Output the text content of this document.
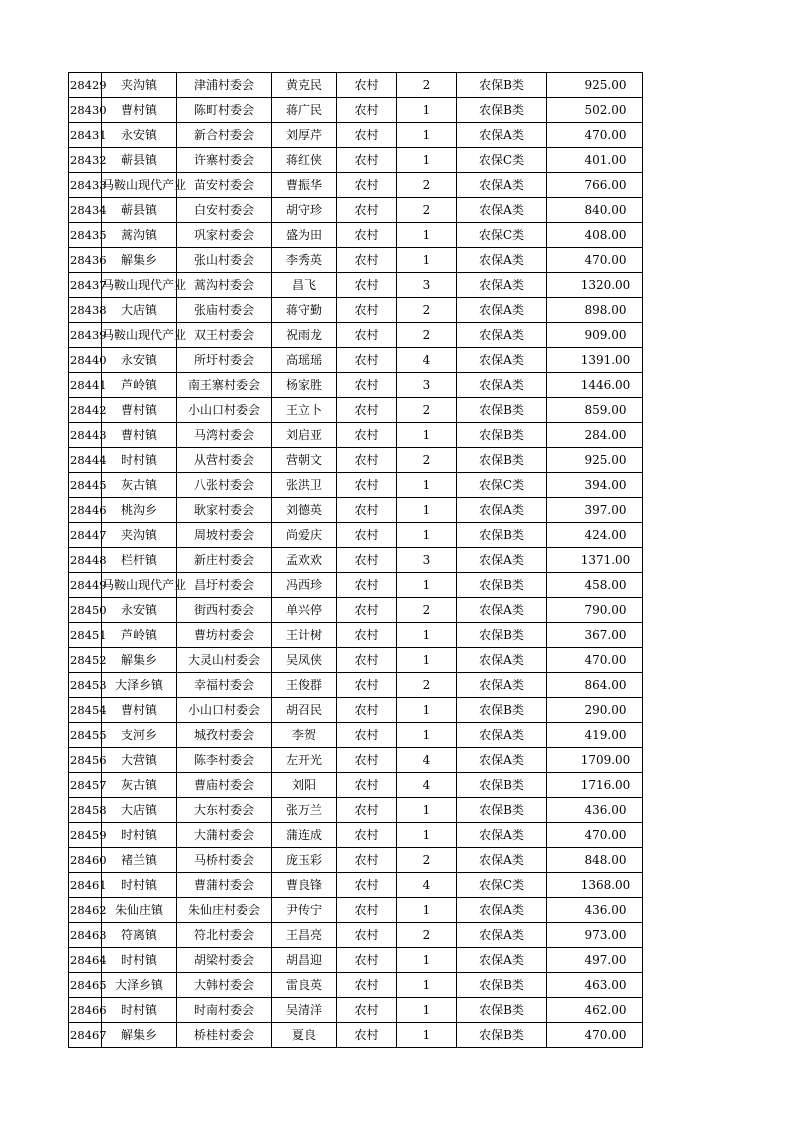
28429	夹沟镇	津浦村委会	黄克民	农村	2	农保B类	925.00
28430	曹村镇	陈町村委会	蒋广民	农村	1	农保B类	502.00
28431	永安镇	新合村委会	刘厚芹	农村	1	农保A类	470.00
28432	蕲县镇	许寨村委会	蒋红侠	农村	1	农保C类	401.00
28433	马鞍山现代产业	苗安村委会	曹振华	农村	2	农保A类	766.00
28434	蕲县镇	白安村委会	胡守珍	农村	2	农保A类	840.00
28435	蒿沟镇	巩家村委会	盛为田	农村	1	农保C类	408.00
28436	解集乡	张山村委会	李秀英	农村	1	农保A类	470.00
28437	马鞍山现代产业	蒿沟村委会	昌飞	农村	3	农保A类	1320.00
28438	大店镇	张庙村委会	蒋守勤	农村	2	农保A类	898.00
28439	马鞍山现代产业	双王村委会	祝雨龙	农村	2	农保A类	909.00
28440	永安镇	所圩村委会	高瑶瑶	农村	4	农保A类	1391.00
28441	芦岭镇	南王寨村委会	杨家胜	农村	3	农保A类	1446.00
28442	曹村镇	小山口村委会	王立卜	农村	2	农保B类	859.00
28443	曹村镇	马湾村委会	刘启亚	农村	1	农保B类	284.00
28444	时村镇	从营村委会	营朝文	农村	2	农保B类	925.00
28445	灰古镇	八张村委会	张洪卫	农村	1	农保C类	394.00
28446	桃沟乡	耿家村委会	刘德英	农村	1	农保A类	397.00
28447	夹沟镇	周坡村委会	尚爱庆	农村	1	农保B类	424.00
28448	栏杆镇	新庄村委会	孟欢欢	农村	3	农保A类	1371.00
28449	马鞍山现代产业	昌圩村委会	冯西珍	农村	1	农保B类	458.00
28450	永安镇	街西村委会	单兴停	农村	2	农保A类	790.00
28451	芦岭镇	曹坊村委会	王计树	农村	1	农保B类	367.00
28452	解集乡	大灵山村委会	吴凤侠	农村	1	农保A类	470.00
28453	大泽乡镇	幸福村委会	王俊群	农村	2	农保A类	864.00
28454	曹村镇	小山口村委会	胡召民	农村	1	农保B类	290.00
28455	支河乡	城孜村委会	李贺	农村	1	农保A类	419.00
28456	大营镇	陈李村委会	左开光	农村	4	农保A类	1709.00
28457	灰古镇	曹庙村委会	刘阳	农村	4	农保B类	1716.00
28458	大店镇	大东村委会	张万兰	农村	1	农保B类	436.00
28459	时村镇	大蒲村委会	蒲连成	农村	1	农保A类	470.00
28460	褚兰镇	马桥村委会	庞玉彩	农村	2	农保A类	848.00
28461	时村镇	曹蒲村委会	曹良锋	农村	4	农保C类	1368.00
28462	朱仙庄镇	朱仙庄村委会	尹传宁	农村	1	农保A类	436.00
28463	符离镇	符北村委会	王昌亮	农村	2	农保A类	973.00
28464	时村镇	胡梁村委会	胡昌迎	农村	1	农保A类	497.00
28465	大泽乡镇	大韩村委会	雷良英	农村	1	农保B类	463.00
28466	时村镇	时南村委会	吴清洋	农村	1	农保B类	462.00
28467	解集乡	桥桂村委会	夏良	农村	1	农保B类	470.00
